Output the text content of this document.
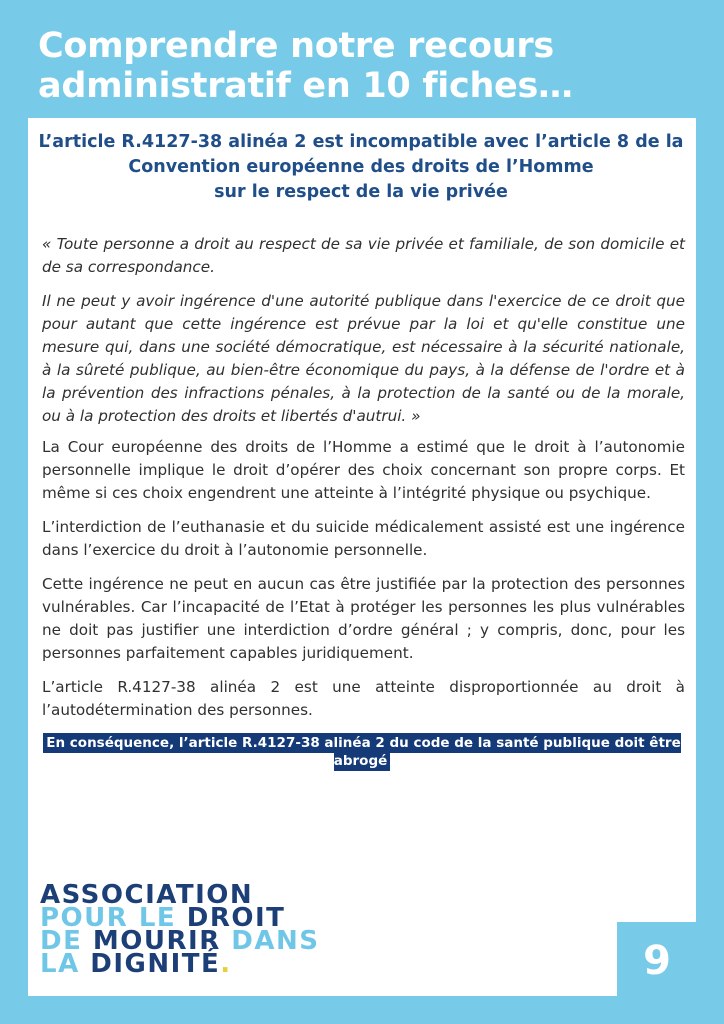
Comprendre notre recours
administratif en 10 fiches…
9
L’article R.4127-38 alinéa 2 est incompatible avec l’article 8 de la
Convention européenne des droits de l’Homme
sur le respect de la vie privée

« Toute personne a droit au respect de sa vie privée et familiale, de son domicile et de sa correspondance.

Il ne peut y avoir ingérence d'une autorité publique dans l'exercice de ce droit que pour autant que cette ingérence est prévue par la loi et qu'elle constitue une mesure qui, dans une société démocratique, est nécessaire à la sécurité nationale, à la sûreté publique, au bien-être économique du pays, à la défense de l'ordre et à la prévention des infractions pénales, à la protection de la santé ou de la morale, ou à la protection des droits et libertés d'autrui. »

La Cour européenne des droits de l’Homme a estimé que le droit à l’autonomie personnelle implique le droit d’opérer des choix concernant son propre corps. Et même si ces choix engendrent une atteinte à l’intégrité physique ou psychique.

L’interdiction de l’euthanasie et du suicide médicalement assisté est une ingérence dans l’exercice du droit à l’autonomie personnelle.

Cette ingérence ne peut en aucun cas être justifiée par la protection des personnes vulnérables. Car l’incapacité de l’Etat à protéger les personnes les plus vulnérables ne doit pas justifier une interdiction d’ordre général ; y compris, donc, pour les personnes parfaitement capables juridiquement.

L’article R.4127-38 alinéa 2 est une atteinte disproportionnée au droit à l’autodétermination des personnes.

En conséquence, l’article R.4127-38 alinéa 2 du code de la santé publique doit être abrogé
ASSOCIATION
POUR LE DROIT
DE MOURIR DANS
LA DIGNITÉ.
